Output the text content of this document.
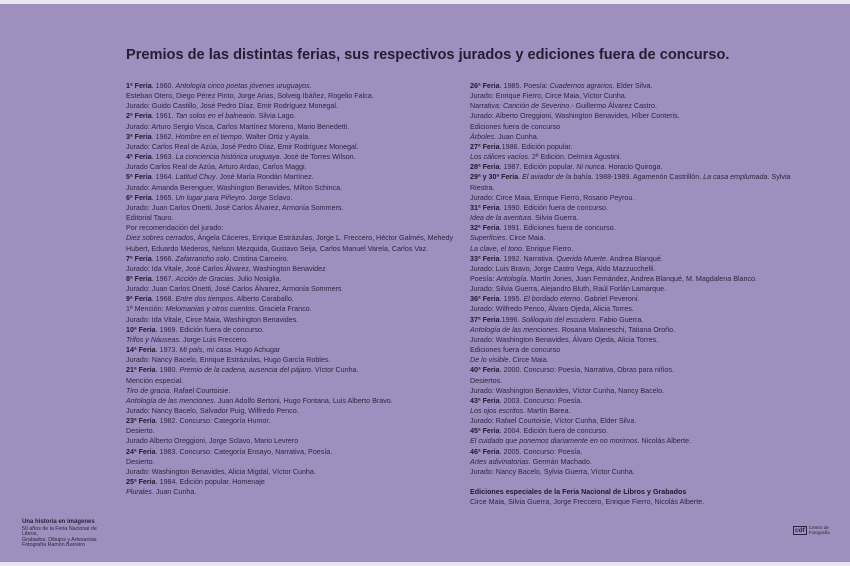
Premios de las distintas ferias, sus respectivos jurados y ediciones fuera de concurso.
1ª Feria. 1960. Antología cinco poetas jóvenes uruguayos.
Esteban Otero, Diego Pérez Pinto, Jorge Arias, Solveig Ibáñez, Rogelio Falca.
Jurado: Guido Castillo, José Pedro Díaz, Emir Rodríguez Monegal.
2ª Feria. 1961. Tan solos en el balneario. Silvia Lago.
Jurado: Arturo Sergio Visca, Carlos Martínez Moreno, Mario Benedetti.
3ª Feria. 1962. Hombre en el tiempo. Walter Ortiz y Ayala.
Jurado: Carlos Real de Azúa, José Pedro Díaz, Emir Rodríguez Monegal.
4ª Feria. 1963. La conciencia histórica uruguaya. José de Torres Wilson.
Jurado Carlos Real de Azúa, Arturo Ardao, Carlos Maggi.
5ª Feria. 1964. Latitud Chuy. José María Rondán Martínez.
Jurado: Amanda Berenguer, Washington Benavides, Milton Schinca.
6ª Feria. 1965. Un lugar para Piñeyro. Jorge Sclavo.
Jurado: Juan Carlos Onetti, José Carlos Álvarez, Armonía Sommers.
Editorial Tauro.
Por recomendación del jurado:
Diez sobres cerrados, Ángela Cáceres, Enrique Estrázulas, Jorge L. Freccero, Héctor Galmés, Mehedy
Hubert, Eduardo Mederos, Nelson Mezquida, Gustavo Seija, Carlos Manuel Varela, Carlos Vaz.
7ª Feria. 1966. Zafarrancho solo. Cristina Carneiro.
Jurado: Ida Vitale, José Carlos Álvarez, Washington Benavidez
8ª Feria. 1967. Acción de Gracias. Julio Nosiglia.
Jurado: Juan Carlos Onetti, José Carlos Álvarez, Armonía Sommers
9ª Feria. 1968. Entre dos tiempos. Alberto Caraballo.
1ª Mención: Melomanías y otros cuentos. Graciela Franco.
Jurado: Ida Vitale, Circe Maia, Washington Benavides.
10ª Feria. 1969. Edición fuera de concurso.
Trifos y Náuseas. Jorge Luis Freccero.
14ª Feria. 1973. Mi país, mi casa. Hugo Achugar
Jurado: Nancy Bacelo, Enrique Estrázulas, Hugo García Robles.
21ª Feria. 1980. Premio de la cadena, ausencia del pájaro. Víctor Cunha.
Mención especial.
Tiro de gracia. Rafael Courtoisie.
Antología de las menciones. Juan Adolfo Bertoni, Hugo Fontana, Luis Alberto Bravo.
Jurado: Nancy Bacelo, Salvador Puig, Wilfredo Penco.
23ª Feria. 1982. Concurso: Categoría Humor.
Desierto.
Jurado Alberto Oreggioni, Jorge Sclavo, Mario Levrero
24ª Feria. 1983. Concurso: Categoría Ensayo, Narrativa, Poesía.
Desierto.
Jurado: Washington Benavides, Alicia Migdal, Víctor Cunha.
25ª Feria. 1984. Edición popular. Homenaje
Plurales. Juan Cunha.
26ª Feria. 1985. Poesía: Cuadernos agrarios. Elder Silva.
Jurado: Enrique Fierro, Circe Maia, Víctor Cunha.
Narrativa: Canción de Severino.- Guillermo Álvarez Castro.
Jurado: Alberto Oreggioni, Washington Benavides, Híber Conteris.
Ediciones fuera de concurso
Árboles. Juan Cunha.
27ª Feria.1986. Edición popular.
Los cálices vacíos. 2ª Edición. Delmira Agustini.
28ª Feria. 1987. Edición popular. Ni nunca. Horacio Quiroga.
29ª y 30ª Feria. El aviador de la bahía. 1988-1989. Agamenón Castrillón. La casa emplumada. Sylvia
Riestra.
Jurado: Circe Maia, Enrique Fierro, Rosario Peyrou.
31ª Feria. 1990. Edición fuera de concurso.
Idea de la aventura. Silvia Guerra.
32ª Feria. 1991. Ediciones fuera de concurso.
Superficies. Circe Maia.
La clave, el tono. Enrique Fierro.
33ª Feria. 1992. Narrativa. Querida Muerte. Andrea Blanqué.
Jurado: Luis Bravo, Jorge Castro Vega, Aldo Mazzucchelli.
Poesía: Antología. Martín Jones, Juan Fernández, Andrea Blanqué, M. Magdalena Blanco.
Jurado: Silvia Guerra, Alejandro Bluth, Raúl Forlán Lamarque.
36ª Feria. 1995. El bordado eterno. Gabriel Peveroni.
Jurado: Wilfredo Penco, Álvaro Ojeda, Alicia Torres.
37ª Feria.1996. Soliloquio del escudero. Fabio Guerra.
Antología de las menciones. Rosana Malaneschi, Tatiana Oroño.
Jurado: Washington Benavides, Álvaro Ojeda, Alicia Torres.
Ediciones fuera de concurso
De lo visible. Circe Maia.
40ª Feria. 2000. Concurso: Poesía, Narrativa, Obras para niños.
Desiertos.
Jurado: Washington Benavides, Víctor Cunha, Nancy Bacelo.
43ª Feria. 2003. Concurso: Poesía.
Los ojos escritos. Martín Barea.
Jurado: Rafael Courtoisie, Víctor Cunha, Elder Silva.
45ª Feria. 2004. Edición fuera de concurso.
El cuidado que ponemos diariamente en no morirnos. Nicolás Alberte.
46ª Feria. 2005. Concurso: Poesía.
Artes adivinatorias. Germán Machado.
Jurado: Nancy Bacelo, Sylvia Guerra, Víctor Cunha.
Ediciones especiales de la Feria Nacional de Libros y Grabados
Circe Maia, Silvia Guerra, Jorge Freccero, Enrique Fierro, Nicolás Alberte.
Una historia en imágenes
50 años de la Feria Nacional de Libros,
Grabados, Dibujos y Artesanías
Fotografía Ramón Barreiro
cdf Centro de
Fotografía
